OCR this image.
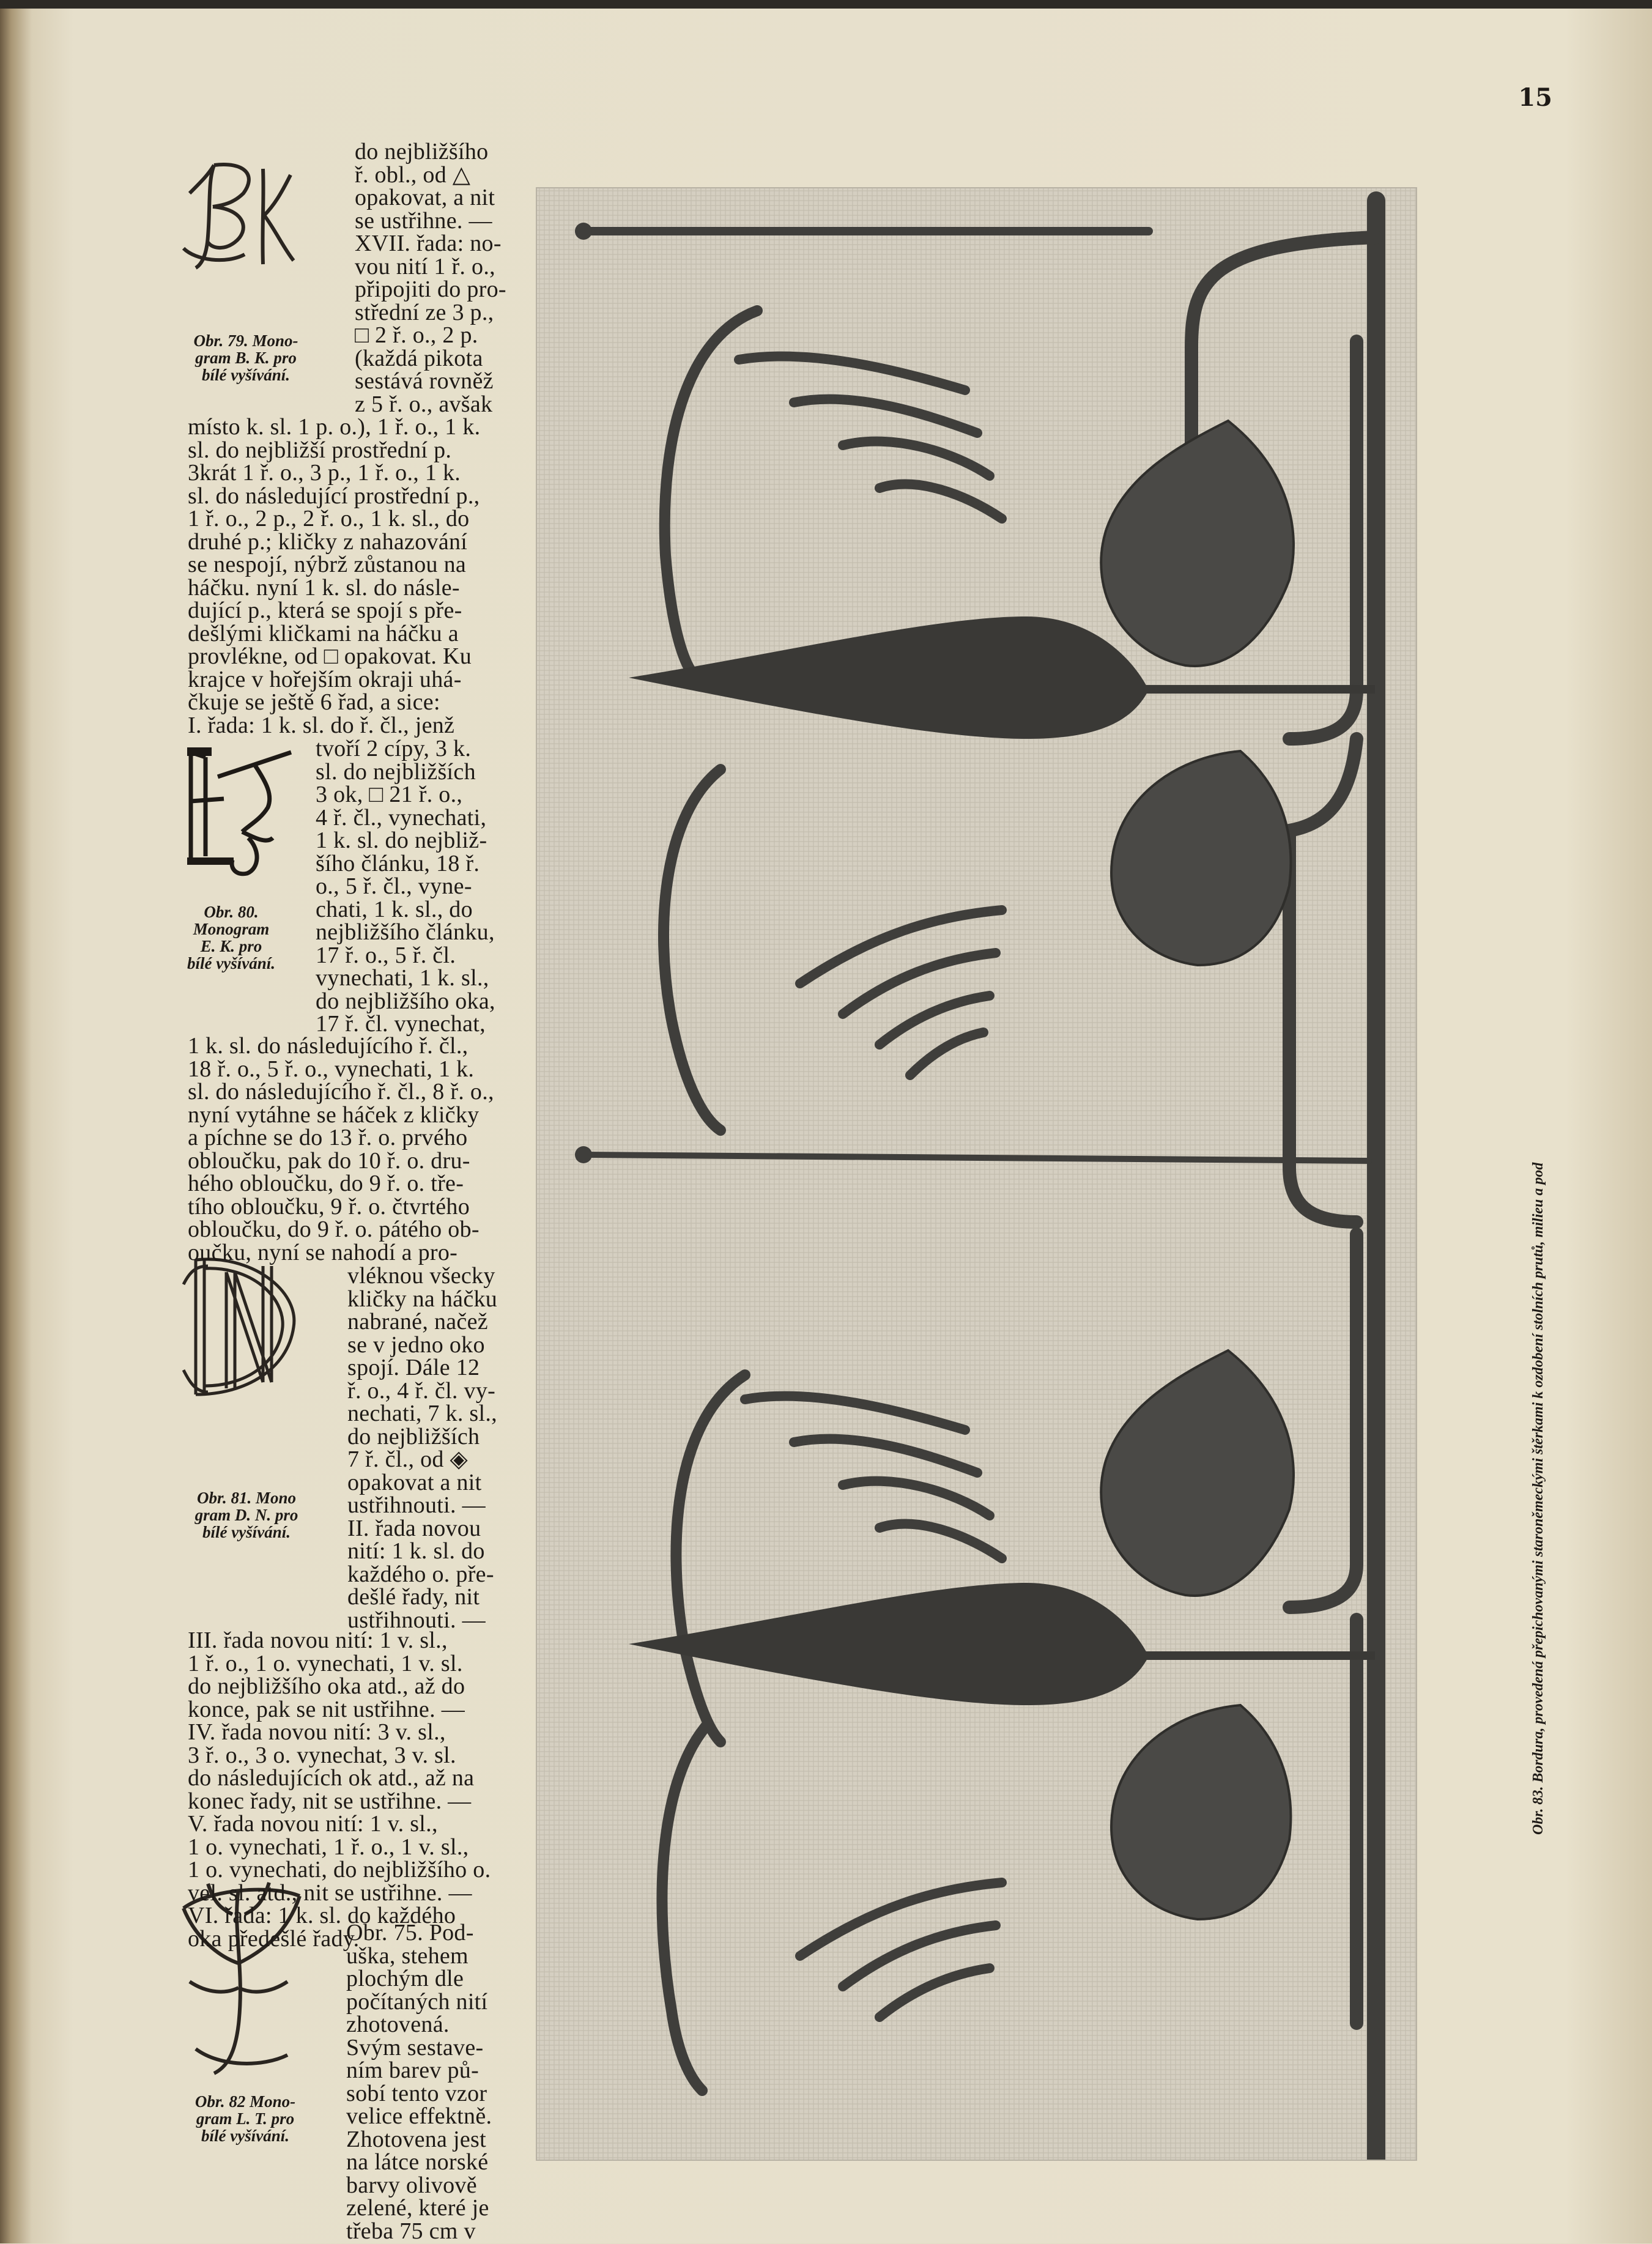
15
Obr. 79. Mono-
gram B. K. pro
bílé vyšívání.
Obr. 80.
Monogram
E. K. pro
bílé vyšívání.
Obr. 81. Mono
gram D. N. pro
bílé vyšívání.
Obr. 82 Mono-
gram L. T. pro
bílé vyšívání.
do nejbližšího
ř. obl., od △
opakovat, a nit
se ustřihne. —
XVII. řada: no-
vou nití 1 ř. o.,
připojiti do pro-
střední ze 3 p.,
□ 2 ř. o., 2 p.
(každá pikota
sestává rovněž
z 5 ř. o., avšak
místo k. sl. 1 p. o.), 1 ř. o., 1 k.
sl. do nejbližší prostřední p.
3krát 1 ř. o., 3 p., 1 ř. o., 1 k.
sl. do následující prostřední p.,
1 ř. o., 2 p., 2 ř. o., 1 k. sl., do
druhé p.; kličky z nahazování
se nespojí, nýbrž zůstanou na
háčku. nyní 1 k. sl. do násle-
dující p., která se spojí s pře-
dešlými kličkami na háčku a
provlékne, od □ opakovat. Ku
krajce v hořejším okraji uhá-
čkuje se ještě 6 řad, a sice:
I. řada: 1 k. sl. do ř. čl., jenž
tvoří 2 cípy, 3 k.
sl. do nejbližších
3 ok, □ 21 ř. o.,
4 ř. čl., vynechati,
1 k. sl. do nejbliž-
šího článku, 18 ř.
o., 5 ř. čl., vyne-
chati, 1 k. sl., do
nejbližšího článku,
17 ř. o., 5 ř. čl.
vynechati, 1 k. sl.,
do nejbližšího oka,
17 ř. čl. vynechat,
1 k. sl. do následujícího ř. čl.,
18 ř. o., 5 ř. o., vynechati, 1 k.
sl. do následujícího ř. čl., 8 ř. o.,
nyní vytáhne se háček z kličky
a píchne se do 13 ř. o. prvého
obloučku, pak do 10 ř. o. dru-
hého obloučku, do 9 ř. o. tře-
tího obloučku, 9 ř. o. čtvrtého
obloučku, do 9 ř. o. pátého ob-
oučku, nyní se nahodí a pro-
vléknou všecky
kličky na háčku
nabrané, načež
se v jedno oko
spojí. Dále 12
ř. o., 4 ř. čl. vy-
nechati, 7 k. sl.,
do nejbližších
7 ř. čl., od ◈
opakovat a nit
ustřihnouti. —
II. řada novou
nití: 1 k. sl. do
každého o. pře-
dešlé řady, nit
ustřihnouti. —
III. řada novou nití: 1 v. sl.,
1 ř. o., 1 o. vynechati, 1 v. sl.
do nejbližšího oka atd., až do
konce, pak se nit ustřihne. —
IV. řada novou nití: 3 v. sl.,
3 ř. o., 3 o. vynechat, 3 v. sl.
do následujících ok atd., až na
konec řady, nit se ustřihne. —
V. řada novou nití: 1 v. sl.,
1 o. vynechati, 1 ř. o., 1 v. sl.,
1 o. vynechati, do nejbližšího o.
vel. sl. atd., nit se ustřihne. —
VI. řada: 1 k. sl. do každého
oka předešlé řady.
Obr. 75. Pod-
uška, stehem
plochým dle
počítaných nití
zhotovená.
Svým sestave-
ním barev pů-
sobí tento vzor
velice effektně.
Zhotovena jest
na látce norské
barvy olivově
zelené, které je
třeba 75 cm v
Obr. 83. Bordura, provedená přepichovanými staroněmeckými štěrkami k ozdobení stolních prutů, milieu a pod
